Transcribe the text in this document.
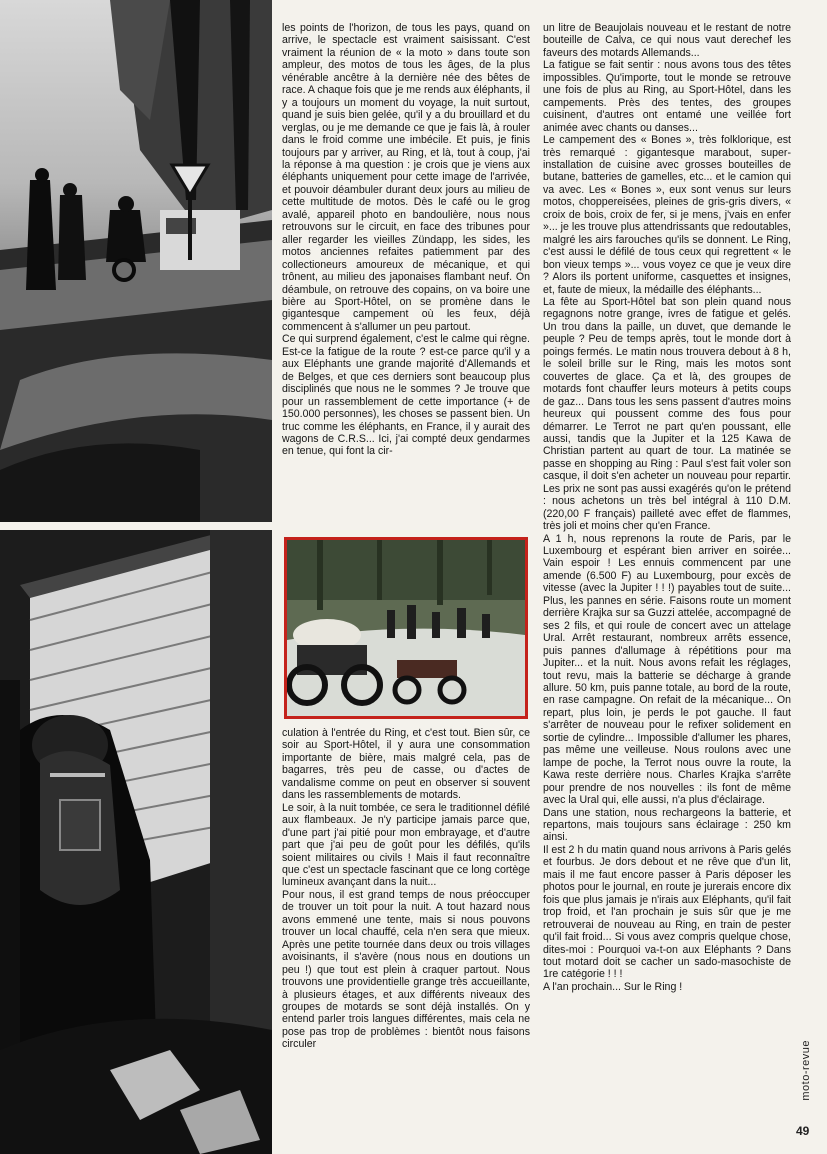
les points de l'horizon, de tous les pays, quand on arrive, le spectacle est vraiment saisissant. C'est vraiment la réunion de « la moto » dans toute son ampleur, des motos de tous les âges, de la plus vénérable ancêtre à la dernière née des bêtes de race. A chaque fois que je me rends aux éléphants, il y a toujours un moment du voyage, la nuit surtout, quand je suis bien gelée, qu'il y a du brouillard et du verglas, ou je me demande ce que je fais là, à rouler dans le froid comme une imbécile. Et puis, je finis toujours par y arriver, au Ring, et là, tout à coup, j'ai la réponse à ma question : je crois que je viens aux éléphants uniquement pour cette image de l'arrivée, et pouvoir déambuler durant deux jours au milieu de cette multitude de motos. Dès le café ou le grog avalé, appareil photo en bandoulière, nous nous retrouvons sur le circuit, en face des tribunes pour aller regarder les vieilles Zündapp, les sides, les motos anciennes refaites patiemment par des collectioneurs amoureux de mécanique, et qui trônent, au milieu des japonaises flambant neuf. On déambule, on retrouve des copains, on va boire une bière au Sport-Hôtel, on se promène dans le gigantesque campement où les feux, déjà commencent à s'allumer un peu partout.
Ce qui surprend également, c'est le calme qui règne. Est-ce la fatigue de la route ? est-ce parce qu'il y a aux Eléphants une grande majorité d'Allemands et de Belges, et que ces derniers sont beaucoup plus disciplinés que nous ne le sommes ? Je trouve que pour un rassemblement de cette importance (+ de 150.000 personnes), les choses se passent bien. Un truc comme les éléphants, en France, il y aurait des wagons de C.R.S... Ici, j'ai compté deux gendarmes en tenue, qui font la cir-

culation à l'entrée du Ring, et c'est tout. Bien sûr, ce soir au Sport-Hôtel, il y aura une consommation importante de bière, mais malgré cela, pas de bagarres, très peu de casse, ou d'actes de vandalisme comme on peut en observer si souvent dans les rassemblements de motards.
Le soir, à la nuit tombée, ce sera le traditionnel défilé aux flambeaux. Je n'y participe jamais parce que, d'une part j'ai pitié pour mon embrayage, et d'autre part que j'ai peu de goût pour les défilés, qu'ils soient militaires ou civils ! Mais il faut reconnaître que c'est un spectacle fascinant que ce long cortège lumineux avançant dans la nuit...
Pour nous, il est grand temps de nous préoccuper de trouver un toit pour la nuit. A tout hazard nous avons emmené une tente, mais si nous pouvons trouver un local chauffé, cela n'en sera que mieux. Après une petite tournée dans deux ou trois villages avoisinants, il s'avère (nous nous en doutions un peu !) que tout est plein à craquer partout. Nous trouvons une providentielle grange très accueillante, à plusieurs étages, et aux différents niveaux des groupes de motards se sont déjà installés. On y entend parler trois langues différentes, mais cela ne pose pas trop de problèmes : bientôt nous faisons circuler

un litre de Beaujolais nouveau et le restant de notre bouteille de Calva, ce qui nous vaut derechef les faveurs des motards Allemands...
La fatigue se fait sentir : nous avons tous des têtes impossibles. Qu'importe, tout le monde se retrouve une fois de plus au Ring, au Sport-Hôtel, dans les campements. Près des tentes, des groupes cuisinent, d'autres ont entamé une veillée fort animée avec chants ou danses...
Le campement des « Bones », très folklorique, est très remarqué : gigantesque marabout, super-installation de cuisine avec grosses bouteilles de butane, batteries de gamelles, etc... et le camion qui va avec. Les « Bones », eux sont venus sur leurs motos, choppereisées, pleines de gris-gris divers, « croix de bois, croix de fer, si je mens, j'vais en enfer »... je les trouve plus attendrissants que redoutables, malgré les airs farouches qu'ils se donnent. Le Ring, c'est aussi le défilé de tous ceux qui regrettent « le bon vieux temps »... vous voyez ce que je veux dire ? Alors ils portent uniforme, casquettes et insignes, et, faute de mieux, la médaille des éléphants...
La fête au Sport-Hôtel bat son plein quand nous regagnons notre grange, ivres de fatigue et gelés. Un trou dans la paille, un duvet, que demande le peuple ? Peu de temps après, tout le monde dort à poings fermés. Le matin nous trouvera debout à 8 h, le soleil brille sur le Ring, mais les motos sont couvertes de glace. Ça et là, des groupes de motards font chauffer leurs moteurs à petits coups de gaz... Dans tous les sens passent d'autres moins heureux qui poussent comme des fous pour démarrer. Le Terrot ne part qu'en poussant, elle aussi, tandis que la Jupiter et la 125 Kawa de Christian partent au quart de tour. La matinée se passe en shopping au Ring : Paul s'est fait voler son casque, il doit s'en acheter un nouveau pour repartir. Les prix ne sont pas aussi exagérés qu'on le prétend : nous achetons un très bel intégral à 110 D.M. (220,00 F français) pailleté avec effet de flammes, très joli et moins cher qu'en France.
A 1 h, nous reprenons la route de Paris, par le Luxembourg et espérant bien arriver en soirée... Vain espoir ! Les ennuis commencent par une amende (6.500 F) au Luxembourg, pour excès de vitesse (avec la Jupiter ! ! !) payables tout de suite... Plus, les pannes en série. Faisons route un moment derrière Krajka sur sa Guzzi attelée, accompagné de ses 2 fils, et qui roule de concert avec un attelage Ural. Arrêt restaurant, nombreux arrêts essence, puis pannes d'allumage à répétitions pour ma Jupiter... et la nuit. Nous avons refait les réglages, tout revu, mais la batterie se décharge à grande allure. 50 km, puis panne totale, au bord de la route, en rase campagne. On refait de la mécanique... On repart, plus loin, je perds le pot gauche. Il faut s'arrêter de nouveau pour le refixer solidement en sortie de cylindre... Impossible d'allumer les phares, pas même une veilleuse. Nous roulons avec une lampe de poche, la Terrot nous ouvre la route, la Kawa reste derrière nous. Charles Krajka s'arrête pour prendre de nos nouvelles : ils font de même avec la Ural qui, elle aussi, n'a plus d'éclairage.
Dans une station, nous rechargeons la batterie, et repartons, mais toujours sans éclairage : 250 km ainsi.
Il est 2 h du matin quand nous arrivons à Paris gelés et fourbus. Je dors debout et ne rêve que d'un lit, mais il me faut encore passer à Paris déposer les photos pour le journal, en route je jurerais encore dix fois que plus jamais je n'irais aux Eléphants, qu'il fait trop froid, et l'an prochain je suis sûr que je me retrouverai de nouveau au Ring, en train de pester qu'il fait froid... Si vous avez compris quelque chose, dites-moi : Pourquoi va-t-on aux Eléphants ? Dans tout motard doit se cacher un sado-masochiste de 1re catégorie ! ! !
A l'an prochain... Sur le Ring !

moto-revue
49
